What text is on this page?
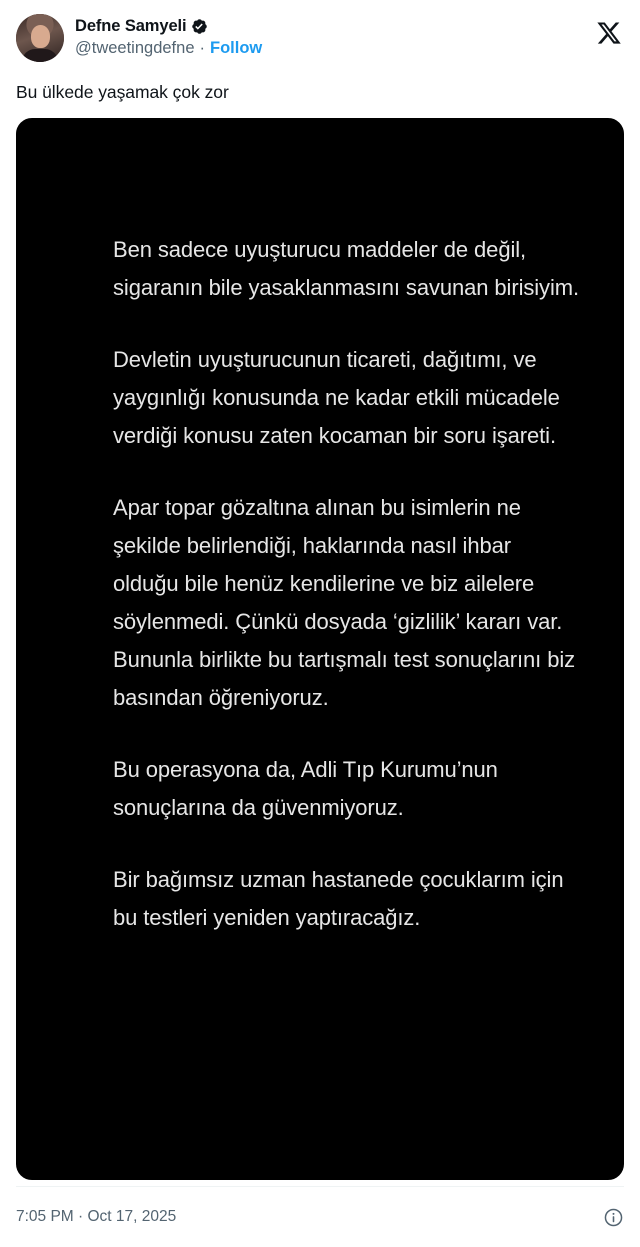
Defne Samyeli
@tweetingdefne · Follow
Bu ülkede yaşamak çok zor

Ben sadece uyuşturucu maddeler de değil, sigaranın bile yasaklanmasını savunan birisiyim.

Devletin uyuşturucunun ticareti, dağıtımı, ve yaygınlığı konusunda ne kadar etkili mücadele verdiği konusu zaten kocaman bir soru işareti.

Apar topar gözaltına alınan bu isimlerin ne şekilde belirlendiği, haklarında nasıl ihbar olduğu bile henüz kendilerine ve biz ailelere söylenmedi. Çünkü dosyada ‘gizlilik’ kararı var. Bununla birlikte bu tartışmalı test sonuçlarını biz basından öğreniyoruz.

Bu operasyona da, Adli Tıp Kurumu’nun sonuçlarına da güvenmiyoruz.

Bir bağımsız uzman hastanede çocuklarım için bu testleri yeniden yaptıracağız.

7:05 PM · Oct 17, 2025
